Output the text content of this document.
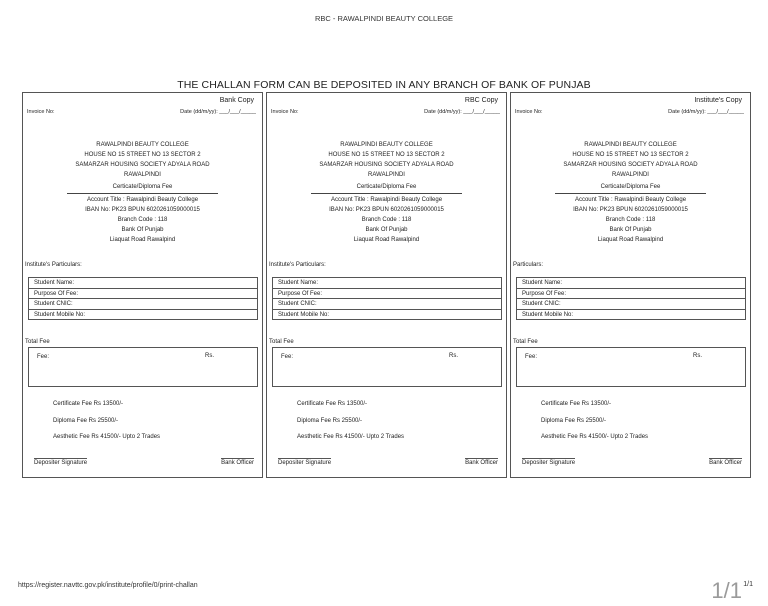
RBC - RAWALPINDI BEAUTY COLLEGE
THE CHALLAN FORM CAN BE DEPOSITED IN ANY BRANCH OF BANK OF PUNJAB
Bank Copy
Invoice No:	Date (dd/m/yy): ___/___/_____
RAWALPINDI BEAUTY COLLEGE
HOUSE NO 15 STREET NO 13 SECTOR 2
SAMARZAR HOUSING SOCIETY ADYALA ROAD
RAWALPINDI
Certicate/Diploma Fee
Account Title : Rawalpindi Beauty College
IBAN No: PK23 BPUN 6020261059000015
Branch Code : 118
Bank Of Punjab
Liaquat Road Rawalpind
Institute's Particulars:
Student Name:
Purpose Of Fee:
Student CNIC:
Student Mobile No:
Total Fee
Fee:	Rs.
Certificate Fee Rs 13500/-
Diploma Fee Rs 25500/-
Aesthetic Fee Rs 41500/- Upto 2 Trades
Depositer Signature	Bank Officer
RBC Copy
Invoice No:	Date (dd/m/yy): ___/___/_____
RAWALPINDI BEAUTY COLLEGE
HOUSE NO 15 STREET NO 13 SECTOR 2
SAMARZAR HOUSING SOCIETY ADYALA ROAD
RAWALPINDI
Certicate/Diploma Fee
Account Title : Rawalpindi Beauty College
IBAN No: PK23 BPUN 6020261059000015
Branch Code : 118
Bank Of Punjab
Liaquat Road Rawalpind
Institute's Particulars:
Student Name:
Purpose Of Fee:
Student CNIC:
Student Mobile No:
Total Fee
Fee:	Rs.
Certificate Fee Rs 13500/-
Diploma Fee Rs 25500/-
Aesthetic Fee Rs 41500/- Upto 2 Trades
Depositer Signature	Bank Officer
Institute's Copy
Invoice No:	Date (dd/m/yy): ___/___/_____
RAWALPINDI BEAUTY COLLEGE
HOUSE NO 15 STREET NO 13 SECTOR 2
SAMARZAR HOUSING SOCIETY ADYALA ROAD
RAWALPINDI
Certicate/Diploma Fee
Account Title : Rawalpindi Beauty College
IBAN No: PK23 BPUN 6020261059000015
Branch Code : 118
Bank Of Punjab
Liaquat Road Rawalpind
Particulars:
Student Name:
Purpose Of Fee:
Student CNIC:
Student Mobile No:
Total Fee
Fee:	Rs.
Certificate Fee Rs 13500/-
Diploma Fee Rs 25500/-
Aesthetic Fee Rs 41500/- Upto 2 Trades
Depositer Signature	Bank Officer
https://register.navttc.gov.pk/institute/profile/0/print-challan	1/1 1/1
